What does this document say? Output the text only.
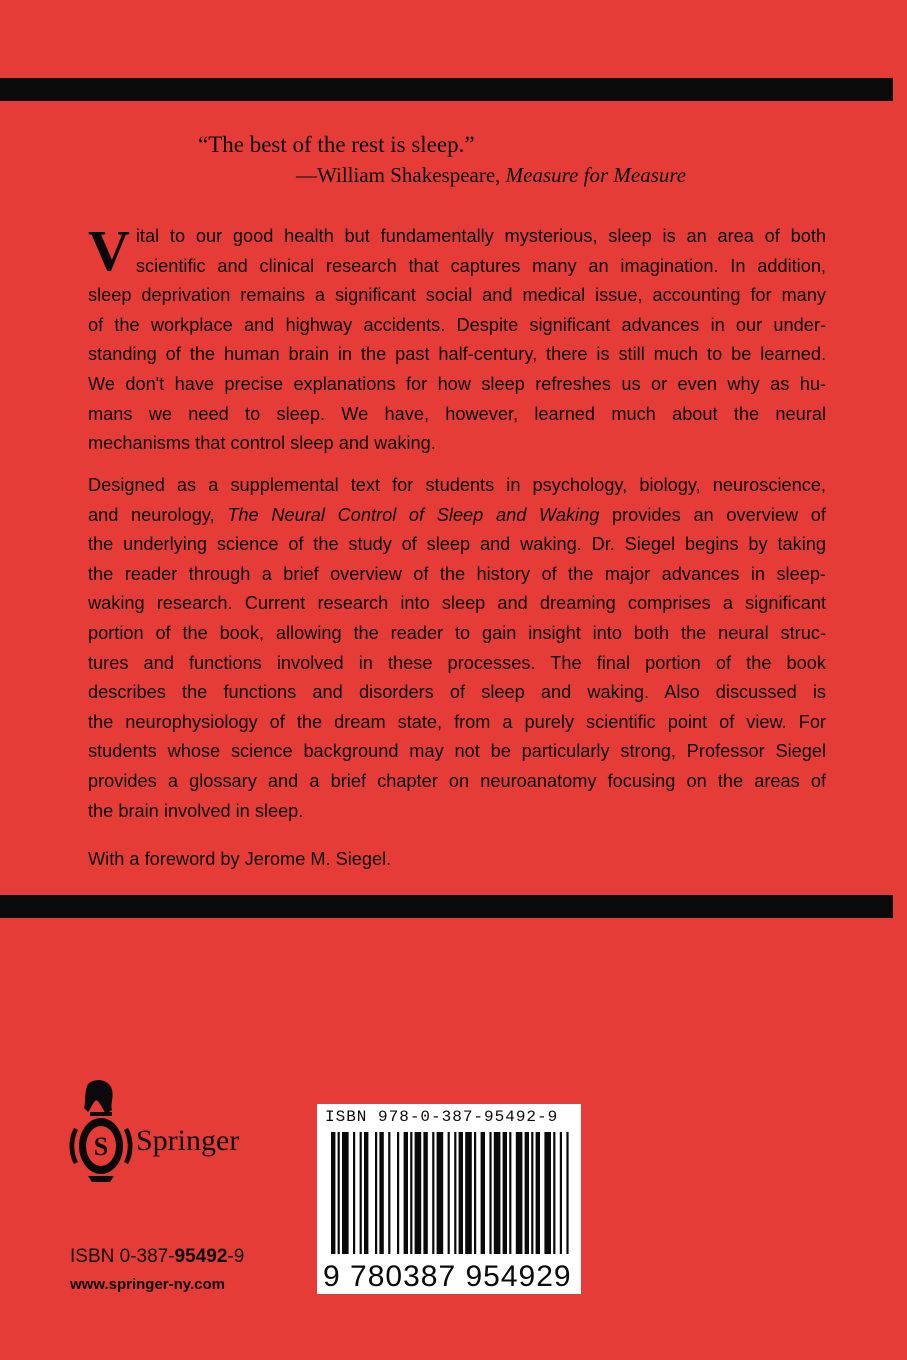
“The best of the rest is sleep.”
—William Shakespeare, Measure for Measure
V ital to our good health but fundamentally mysterious, sleep is an area of both
scientific and clinical research that captures many an imagination. In addition,
sleep deprivation remains a significant social and medical issue, accounting for many
of the workplace and highway accidents. Despite significant advances in our under-
standing of the human brain in the past half-century, there is still much to be learned.
We don't have precise explanations for how sleep refreshes us or even why as hu-
mans we need to sleep. We have, however, learned much about the neural
mechanisms that control sleep and waking.
Designed as a supplemental text for students in psychology, biology, neuroscience,
and neurology, The Neural Control of Sleep and Waking provides an overview of
the underlying science of the study of sleep and waking. Dr. Siegel begins by taking
the reader through a brief overview of the history of the major advances in sleep-
waking research. Current research into sleep and dreaming comprises a significant
portion of the book, allowing the reader to gain insight into both the neural struc-
tures and functions involved in these processes. The final portion of the book
describes the functions and disorders of sleep and waking. Also discussed is
the neurophysiology of the dream state, from a purely scientific point of view. For
students whose science background may not be particularly strong, Professor Siegel
provides a glossary and a brief chapter on neuroanatomy focusing on the areas of
the brain involved in sleep.
With a foreword by Jerome M. Siegel.
S Springer
ISBN 0-387-95492-9
www.springer-ny.com
ISBN 978-0-387-95492-9
9 780387 954929
